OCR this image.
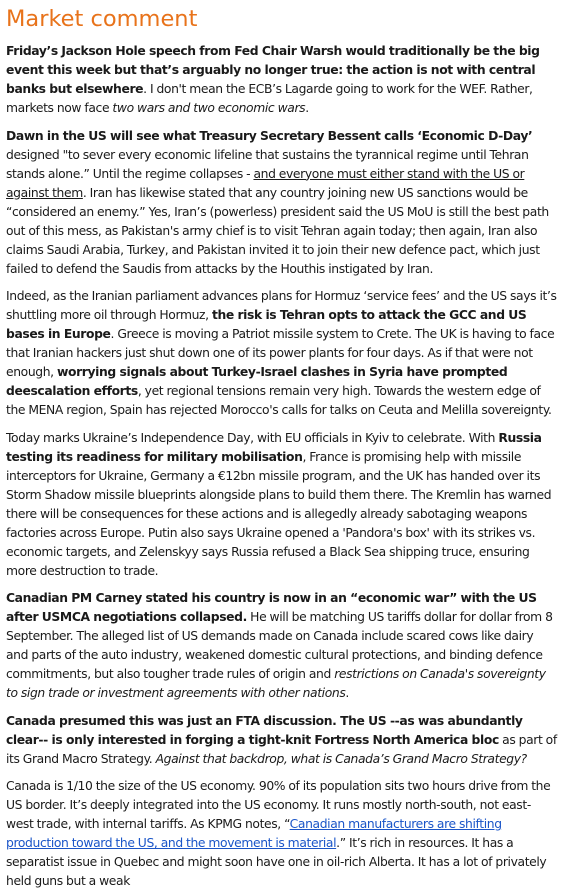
Market comment

Friday’s Jackson Hole speech from Fed Chair Warsh would traditionally be the big event this week but that’s arguably no longer true: the action is not with central banks but elsewhere. I don't mean the ECB’s Lagarde going to work for the WEF. Rather, markets now face two wars and two economic wars.

Dawn in the US will see what Treasury Secretary Bessent calls ‘Economic D-Day’ designed "to sever every economic lifeline that sustains the tyrannical regime until Tehran stands alone.” Until the regime collapses - and everyone must either stand with the US or against them. Iran has likewise stated that any country joining new US sanctions would be “considered an enemy.” Yes, Iran’s (powerless) president said the US MoU is still the best path out of this mess, as Pakistan's army chief is to visit Tehran again today; then again, Iran also claims Saudi Arabia, Turkey, and Pakistan invited it to join their new defence pact, which just failed to defend the Saudis from attacks by the Houthis instigated by Iran.

Indeed, as the Iranian parliament advances plans for Hormuz ‘service fees’ and the US says it’s shuttling more oil through Hormuz, the risk is Tehran opts to attack the GCC and US bases in Europe. Greece is moving a Patriot missile system to Crete. The UK is having to face that Iranian hackers just shut down one of its power plants for four days. As if that were not enough, worrying signals about Turkey-Israel clashes in Syria have prompted deescalation efforts, yet regional tensions remain very high. Towards the western edge of the MENA region, Spain has rejected Morocco's calls for talks on Ceuta and Melilla sovereignty.

Today marks Ukraine’s Independence Day, with EU officials in Kyiv to celebrate. With Russia testing its readiness for military mobilisation, France is promising help with missile interceptors for Ukraine, Germany a €12bn missile program, and the UK has handed over its Storm Shadow missile blueprints alongside plans to build them there. The Kremlin has warned there will be consequences for these actions and is allegedly already sabotaging weapons factories across Europe. Putin also says Ukraine opened a 'Pandora's box' with its strikes vs. economic targets, and Zelenskyy says Russia refused a Black Sea shipping truce, ensuring more destruction to trade.

Canadian PM Carney stated his country is now in an “economic war” with the US after USMCA negotiations collapsed. He will be matching US tariffs dollar for dollar from 8 September. The alleged list of US demands made on Canada include scared cows like dairy and parts of the auto industry, weakened domestic cultural protections, and binding defence commitments, but also tougher trade rules of origin and restrictions on Canada's sovereignty to sign trade or investment agreements with other nations.

Canada presumed this was just an FTA discussion. The US --as was abundantly clear-- is only interested in forging a tight-knit Fortress North America bloc as part of its Grand Macro Strategy. Against that backdrop, what is Canada’s Grand Macro Strategy?

Canada is 1/10 the size of the US economy. 90% of its population sits two hours drive from the US border. It’s deeply integrated into the US economy. It runs mostly north-south, not east-west trade, with internal tariffs. As KPMG notes, “Canadian manufacturers are shifting production toward the US, and the movement is material.” It’s rich in resources. It has a separatist issue in Quebec and might soon have one in oil-rich Alberta. It has a lot of privately held guns but a weak
